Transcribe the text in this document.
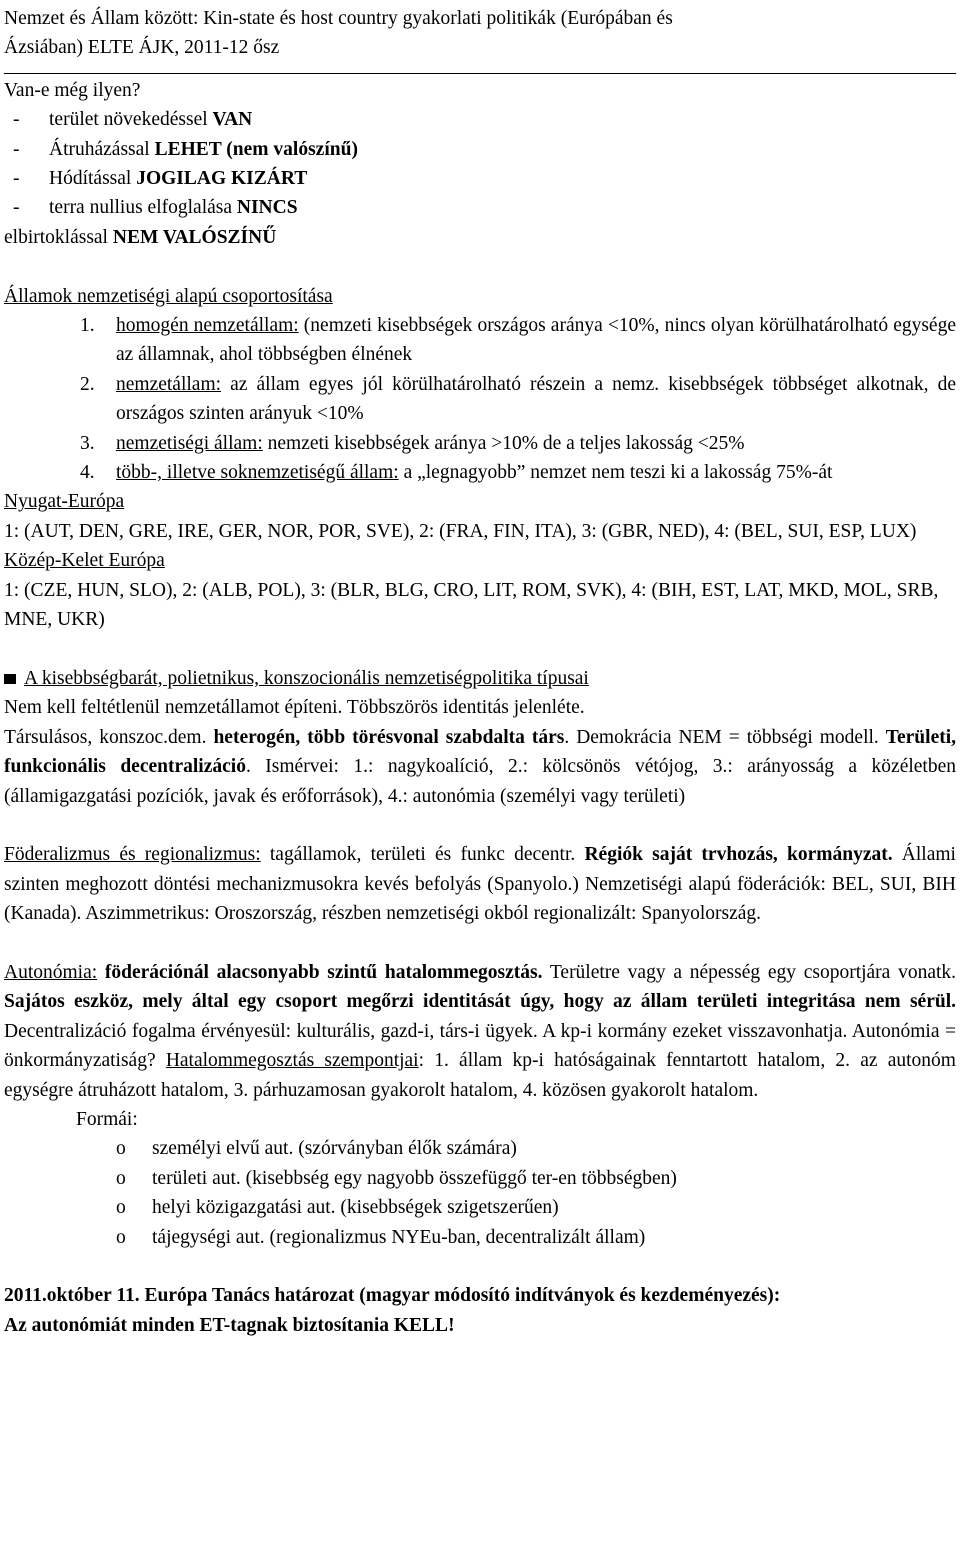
Nemzet és Állam között: Kin-state és host country gyakorlati politikák (Európában és

Ázsiában) ELTE ÁJK, 2011-12 ősz

Van-e még ilyen?

-	terület növekedéssel VAN
-	Átruházással LEHET (nem valószínű)
-	Hódítással JOGILAG KIZÁRT
-	terra nullius elfoglalása NINCS

elbirtoklással NEM VALÓSZÍNŰ

Államok nemzetiségi alapú csoportosítása

1.	homogén nemzetállam: (nemzeti kisebbségek országos aránya <10%, nincs olyan körülhatárolható egysége az államnak, ahol többségben élnének
2.	nemzetállam: az állam egyes jól körülhatárolható részein a nemz. kisebbségek többséget alkotnak, de országos szinten arányuk <10%
3.	nemzetiségi állam: nemzeti kisebbségek aránya >10% de a teljes lakosság <25%
4.	több-, illetve soknemzetiségű állam: a „legnagyobb” nemzet nem teszi ki a lakosság 75%-át

Nyugat-Európa

1: (AUT, DEN, GRE, IRE, GER, NOR, POR, SVE), 2: (FRA, FIN, ITA), 3: (GBR, NED), 4: (BEL, SUI, ESP, LUX)

Közép-Kelet Európa

1: (CZE, HUN, SLO), 2: (ALB, POL), 3: (BLR, BLG, CRO, LIT, ROM, SVK), 4: (BIH, EST, LAT, MKD, MOL, SRB, MNE, UKR)

A kisebbségbarát, polietnikus, konszocionális nemzetiségpolitika típusai

Nem kell feltétlenül nemzetállamot építeni. Többszörös identitás jelenléte.

Társulásos, konszoc.dem. heterogén, több törésvonal szabdalta társ. Demokrácia NEM = többségi modell. Területi, funkcionális decentralizáció. Ismérvei: 1.: nagykoalíció, 2.: kölcsönös vétójog, 3.: arányosság a közéletben (államigazgatási pozíciók, javak és erőforrások), 4.: autonómia (személyi vagy területi)

Föderalizmus és regionalizmus: tagállamok, területi és funkc decentr. Régiók saját trvhozás, kormányzat. Állami szinten meghozott döntési mechanizmusokra kevés befolyás (Spanyolo.) Nemzetiségi alapú föderációk: BEL, SUI, BIH (Kanada). Aszimmetrikus: Oroszország, részben nemzetiségi okból regionalizált: Spanyolország.

Autonómia: föderációnál alacsonyabb szintű hatalommegosztás. Területre vagy a népesség egy csoportjára vonatk. Sajátos eszköz, mely által egy csoport megőrzi identitását úgy, hogy az állam területi integritása nem sérül. Decentralizáció fogalma érvényesül: kulturális, gazd-i, társ-i ügyek. A kp-i kormány ezeket visszavonhatja. Autonómia = önkormányzatiság? Hatalommegosztás szempontjai: 1. állam kp-i hatóságainak fenntartott hatalom, 2. az autonóm egységre átruházott hatalom, 3. párhuzamosan gyakorolt hatalom, 4. közösen gyakorolt hatalom.

Formái:

o	személyi elvű aut. (szórványban élők számára)
o	területi aut. (kisebbség egy nagyobb összefüggő ter-en többségben)
o	helyi közigazgatási aut. (kisebbségek szigetszerűen)
o	tájegységi aut. (regionalizmus NYEu-ban, decentralizált állam)

2011.október 11. Európa Tanács határozat (magyar módosító indítványok és kezdeményezés):

Az autonómiát minden ET-tagnak biztosítania KELL!
